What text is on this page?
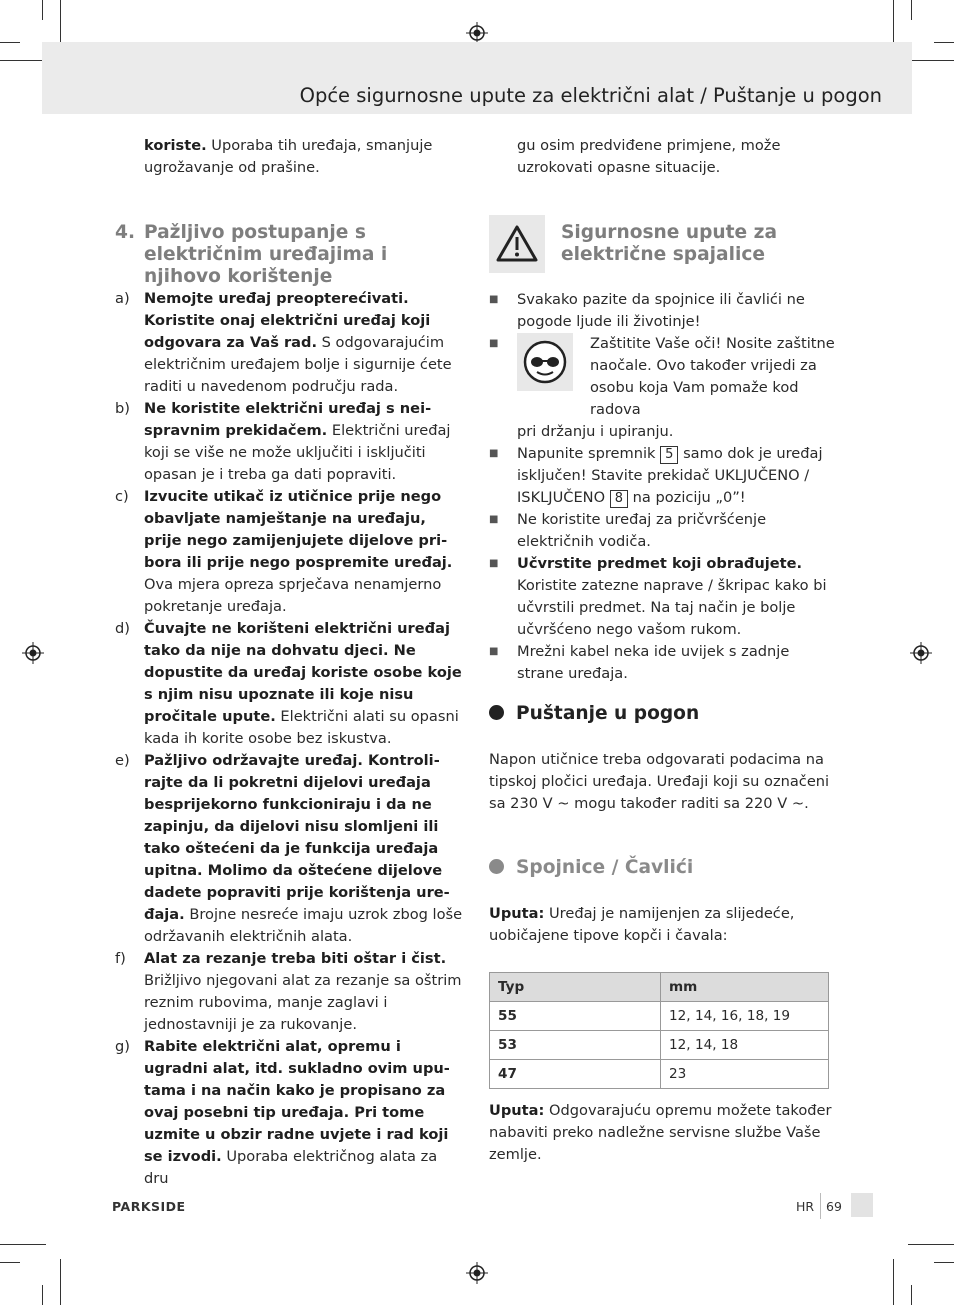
Opće sigurnosne upute za električni alat / Puštanje u pogon
koriste. Uporaba tih uređaja, smanjuje ugrožavanje od prašine.
4. Pažljivo postupanje s električnim uređajima i njihovo korištenje
a) Nemojte uređaj preopterećivati. Koristite onaj električni uređaj koji odgovara za Vaš rad. S odgovarajućim električnim uređajem bolje i sigurnije ćete raditi u navedenom području rada.
b) Ne koristite električni uređaj s neispravnim prekidačem. Električni uređaj koji se više ne može uključiti i isključiti opasan je i treba ga dati popraviti.
c) Izvucite utikač iz utičnice prije nego obavljate namještanje na uređaju, prije nego zamijenjujete dijelove pribora ili prije nego pospremite uređaj. Ova mjera opreza sprječava nenamjerno pokretanje uređaja.
d) Čuvajte ne korišteni električni uređaj tako da nije na dohvatu djeci. Ne dopustite da uređaj koriste osobe koje s njim nisu upoznate ili koje nisu pročitale upute. Električni alati su opasni kada ih korite osobe bez iskustva.
e) Pažljivo održavajte uređaj. Kontrolirajte da li pokretni dijelovi uređaja besprijekorno funkcioniraju i da ne zapinju, da dijelovi nisu slomljeni ili tako oštećeni da je funkcija uređaja upitna. Molimo da oštećene dijelove dadete popraviti prije korištenja uređaja. Brojne nesreće imaju uzrok zbog loše održavanih električnih alata.
f) Alat za rezanje treba biti oštar i čist. Brižljivo njegovani alat za rezanje sa oštrim reznim rubovima, manje zaglavi i jednostavniji je za rukovanje.
g) Rabite električni alat, opremu i ugradni alat, itd. sukladno ovim uputama i na način kako je propisano za ovaj posebni tip uređaja. Pri tome uzmite u obzir radne uvjete i rad koji se izvodi. Uporaba električnog alata za dru
gu osim predviđene primjene, može uzrokovati opasne situacije.
Sigurnosne upute za električne spajalice
■ Svakako pazite da spojnice ili čavlići ne pogode ljude ili životinje!
■	Zaštitite Vaše oči! Nosite zaštitne
naočale. Ovo također vrijedi za
osobu koja Vam pomaže kod radova
pri držanju i upiranju.
■ Napunite spremnik 5 samo dok je uređaj isključen! Stavite prekidač UKLJUČENO / ISKLJUČENO 8 na poziciju „0”!
■ Ne koristite uređaj za pričvršćenje električnih vodiča.
■ Učvrstite predmet koji obrađujete. Koristite zatezne naprave / škripac kako bi učvrstili predmet. Na taj način je bolje učvršćeno nego vašom rukom.
■ Mrežni kabel neka ide uvijek s zadnje strane uređaja.
Puštanje u pogon
Napon utičnice treba odgovarati podacima na tipskoj pločici uređaja. Uređaji koji su označeni sa 230 V ~ mogu također raditi sa 220 V ~.
Spojnice / Čavlići
Uputa: Uređaj je namijenjen za slijedeće, uobičajene tipove kopči i čavala:
Typ	mm
55	12, 14, 16, 18, 19
53	12, 14, 18
47	23
Uputa: Odgovarajuću opremu možete također nabaviti preko nadležne servisne službe Vaše zemlje.
PARKSIDE	HR 69
